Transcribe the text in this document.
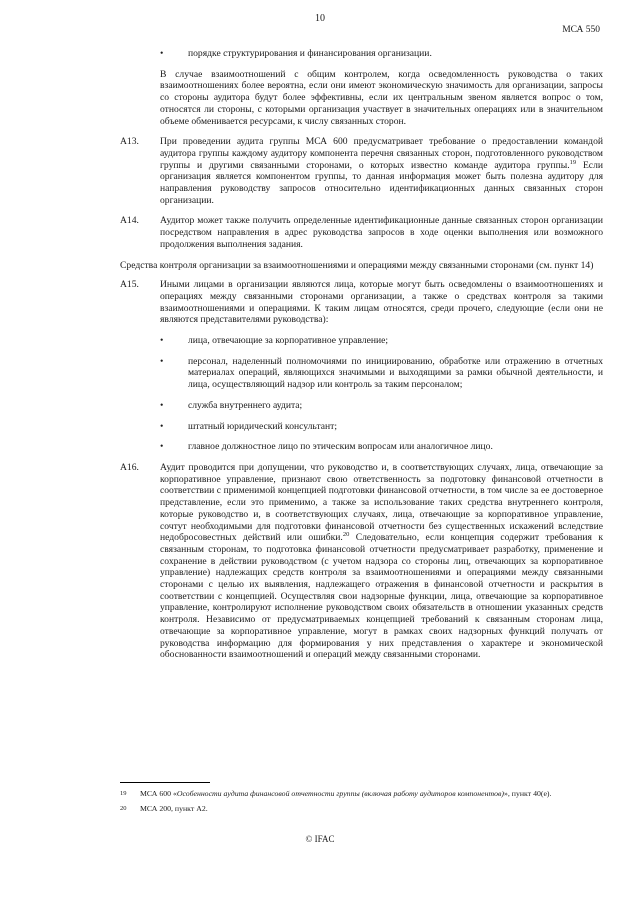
10
МСА 550
•	порядке структурирования и финансирования организации.

В случае взаимоотношений с общим контролем, когда осведомленность руководства о таких взаимоотношениях более вероятна, если они имеют экономическую значимость для организации, запросы со стороны аудитора будут более эффективны, если их центральным звеном является вопрос о том, относятся ли стороны, с которыми организация участвует в значительных операциях или в значительном объеме обменивается ресурсами, к числу связанных сторон.

A13. При проведении аудита группы МСА 600 предусматривает требование о предоставлении командой аудитора группы каждому аудитору компонента перечня связанных сторон, подготовленного руководством группы и другими связанными сторонами, о которых известно команде аудитора группы.$^{19}$ Если организация является компонентом группы, то данная информация может быть полезна аудитору для направления руководству запросов относительно идентификационных данных связанных сторон организации.
A14. Аудитор может также получить определенные идентификационные данные связанных сторон организации посредством направления в адрес руководства запросов в ходе оценки выполнения или возможного продолжения выполнения задания.
Средства контроля организации за взаимоотношениями и операциями между связанными сторонами (см. пункт 14)
A15. Иными лицами в организации являются лица, которые могут быть осведомлены о взаимоотношениях и операциях между связанными сторонами организации, а также о средствах контроля за такими взаимоотношениями и операциями. К таким лицам относятся, среди прочего, следующие (если они не являются представителями руководства):
•	лица, отвечающие за корпоративное управление;
•	персонал, наделенный полномочиями по инициированию, обработке или отражению в отчетных материалах операций, являющихся значимыми и выходящими за рамки обычной деятельности, и лица, осуществляющий надзор или контроль за таким персоналом;
•	служба внутреннего аудита;
•	штатный юридический консультант;
•	главное должностное лицо по этическим вопросам или аналогичное лицо.
A16. Аудит проводится при допущении, что руководство и, в соответствующих случаях, лица, отвечающие за корпоративное управление, признают свою ответственность за подготовку финансовой отчетности в соответствии с применимой концепцией подготовки финансовой отчетности, в том числе за ее достоверное представление, если это применимо, а также за использование таких средства внутреннего контроля, которые руководство и, в соответствующих случаях, лица, отвечающие за корпоративное управление, сочтут необходимыми для подготовки финансовой отчетности без существенных искажений вследствие недобросовестных действий или ошибки.$^{20}$ Следовательно, если концепция содержит требования к связанным сторонам, то подготовка финансовой отчетности предусматривает разработку, применение и сохранение в действии руководством (с учетом надзора со стороны лиц, отвечающих за корпоративное управление) надлежащих средств контроля за взаимоотношениями и операциями между связанными сторонами с целью их выявления, надлежащего отражения в финансовой отчетности и раскрытия в соответствии с концепцией. Осуществляя свои надзорные функции, лица, отвечающие за корпоративное управление, контролируют исполнение руководством своих обязательств в отношении указанных средств контроля. Независимо от предусматриваемых концепцией требований к связанным сторонам лица, отвечающие за корпоративное управление, могут в рамках своих надзорных функций получать от руководства информацию для формирования у них представления о характере и экономической обоснованности взаимоотношений и операций между связанными сторонами.
19 МСА 600 «Особенности аудита финансовой отчетности группы (включая работу аудиторов компонентов)», пункт 40(е).
20 МСА 200, пункт А2.
© IFAC
